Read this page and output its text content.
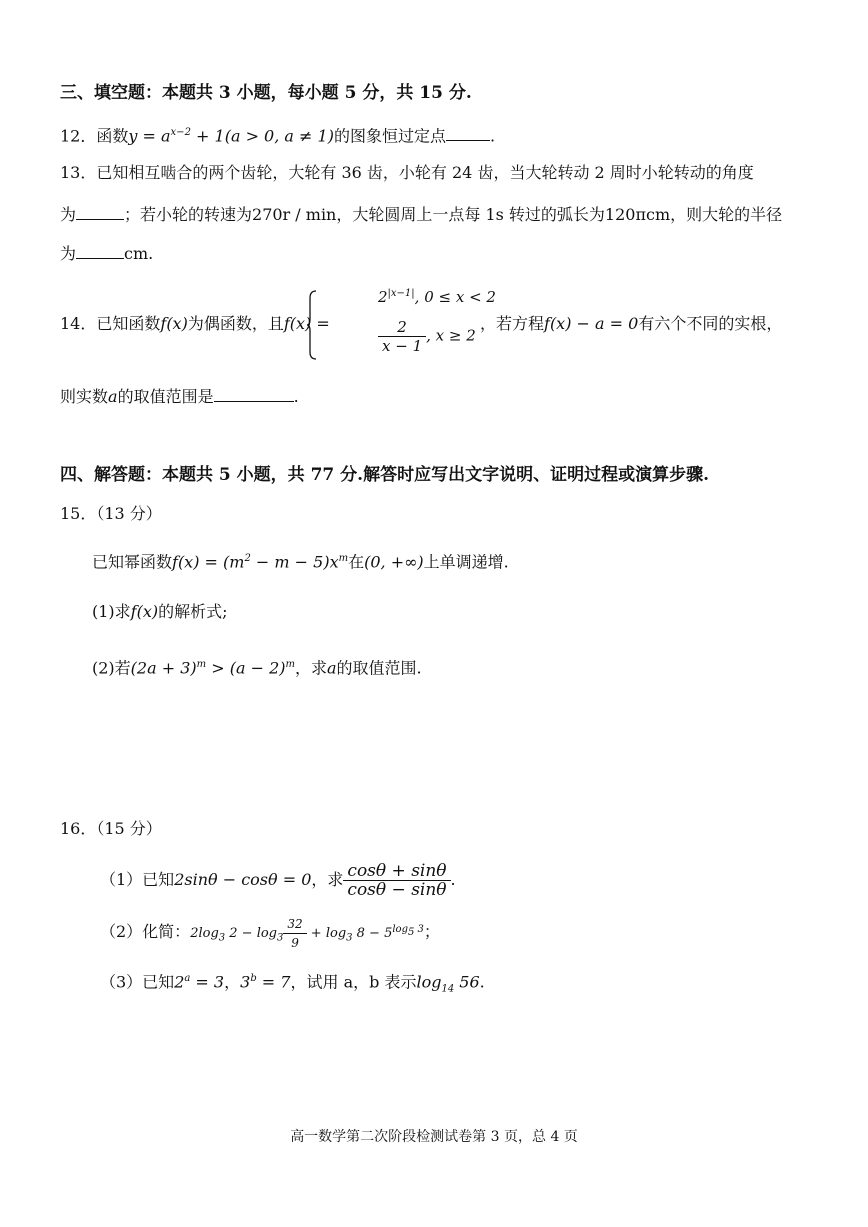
三、填空题：本题共 3 小题，每小题 5 分，共 15 分.
12．函数$y = a^{x-2} + 1(a > 0$, a ≠ 1)的图象恒过定点	.
13．已知相互啮合的两个齿轮，大轮有 36 齿，小轮有 24 齿，当大轮转动 2 周时小轮转动的角度
为	；若小轮的转速为270r / min，大轮圆周上一点每 1s 转过的弧长为120πcm，则大轮的半径
为	cm.
14．已知函数f(x)为偶函数，且f(x) =
$2^{|x-1|}$, 0 ≤ x < 2
$\frac{2}{x - 1}$ , x ≥ 2
，若方程f(x) − a = 0有六个不同的实根，
则实数a的取值范围是	.
四、解答题：本题共 5 小题，共 77 分.解答时应写出文字说明、证明过程或演算步骤.
15．（13 分）
已知幂函数$f(x) = (m^2 - m - 5)x^m$在(0, +∞)上单调递增.
(1)求f(x)的解析式;
(2)若$(2a + 3)^m > (a - 2)^m$，求a的取值范围.
16．（15 分）
（1）已知2sinθ − cosθ = 0，求 $\frac{\cos\theta + \sin\theta}{\cos\theta - \sin\theta}$ .
（2）化简：$2\log_3$ $2 - \log_3 \frac{32}{9} + \log_3 8 - 5^{log_5 3}$；
（3）已知$2^a = 3$，$3^b = 7$，试用 a，b 表示$\log_{14} 56$.
高一数学第二次阶段检测试卷第 3 页，总 4 页
